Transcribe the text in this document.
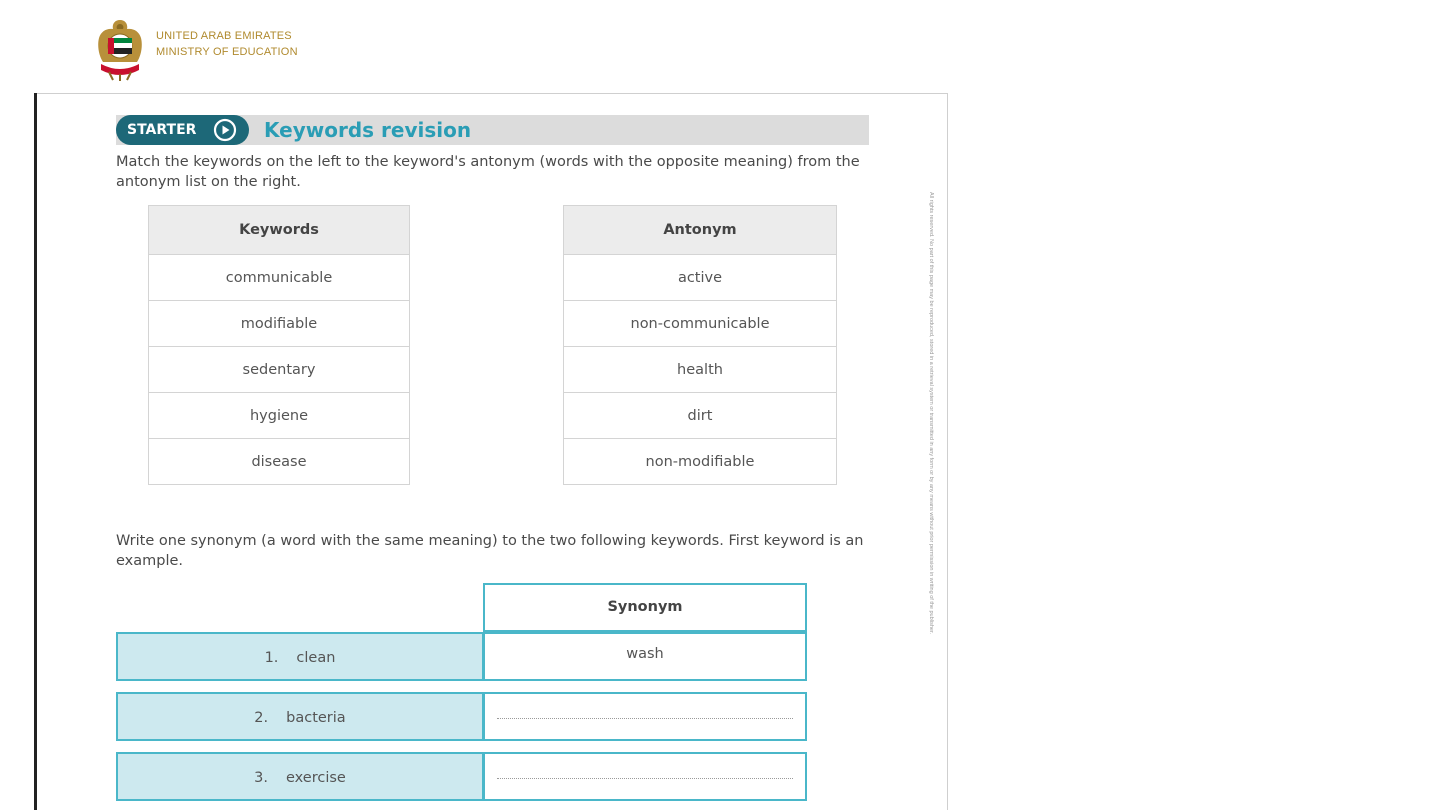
UNITED ARAB EMIRATES
MINISTRY OF EDUCATION
STARTER	Keywords revision
Match the keywords on the left to the keyword's antonym (words with the opposite meaning) from the antonym list on the right.
Keywords
communicable
modifiable
sedentary
hygiene
disease
Antonym
active
non-communicable
health
dirt
non-modifiable
Write one synonym (a word with the same meaning) to the two following keywords. First keyword is an example.
Synonym
1. clean	wash
2. bacteria
3. exercise
All rights reserved. No part of this page may be reproduced, stored in a retrieval system or transmitted in any form or by any means without prior permission in writing of the publisher.
